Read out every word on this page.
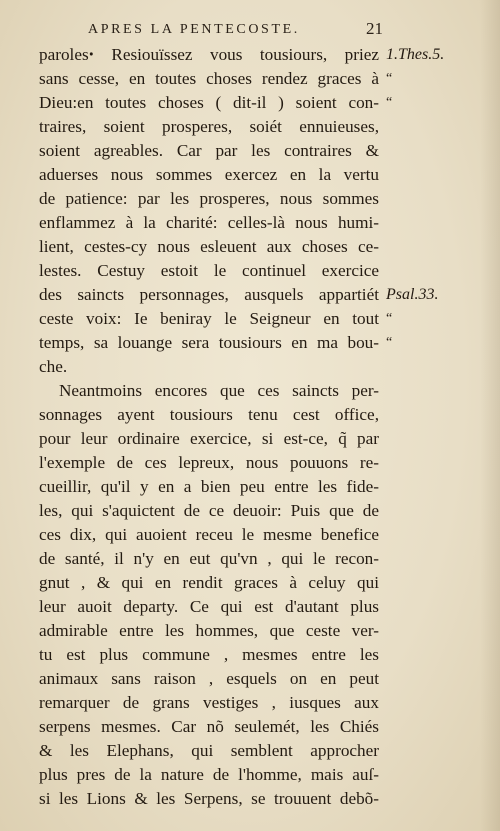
APRES LA PENTECOSTE.	21
parolesꞏ Resiouïssez vous tousiours, priez
sans cesse, en toutes choses rendez graces à
Dieu:en toutes choses ( dit-il ) soient con-
traires, soient prosperes, soiét ennuieuses,
soient agreables. Car par les contraires &
aduerses nous sommes exercez en la vertu
de patience: par les prosperes, nous sommes
enflammez à la charité: celles-là nous humi-
lient, cestes-cy nous esleuent aux choses ce-
lestes. Cestuy estoit le continuel exercice
des saincts personnages, ausquels appartiét
ceste voix: Ie beniray le Seigneur en tout
temps, sa louange sera tousiours en ma bou-
che.
Neantmoins encores que ces saincts per-
sonnages ayent tousiours tenu cest office,
pour leur ordinaire exercice, si est-ce, q̃ par
l'exemple de ces lepreux, nous pouuons re-
cueillir, qu'il y en a bien peu entre les fide-
les, qui s'aquictent de ce deuoir: Puis que de
ces dix, qui auoient receu le mesme benefice
de santé, il n'y en eut qu'vn , qui le recon-
gnut , & qui en rendit graces à celuy qui
leur auoit departy. Ce qui est d'autant plus
admirable entre les hommes, que ceste ver-
tu est plus commune , mesmes entre les
animaux sans raison , esquels on en peut
remarquer de grans vestiges , iusques aux
serpens mesmes. Car nõ seulemét, les Chiés
& les Elephans, qui semblent approcher
plus pres de la nature de l'homme, mais auſ-
si les Lions & les Serpens, se trouuent debõ-
1.Thes.5.
“
“
Psal.33.
“
“
